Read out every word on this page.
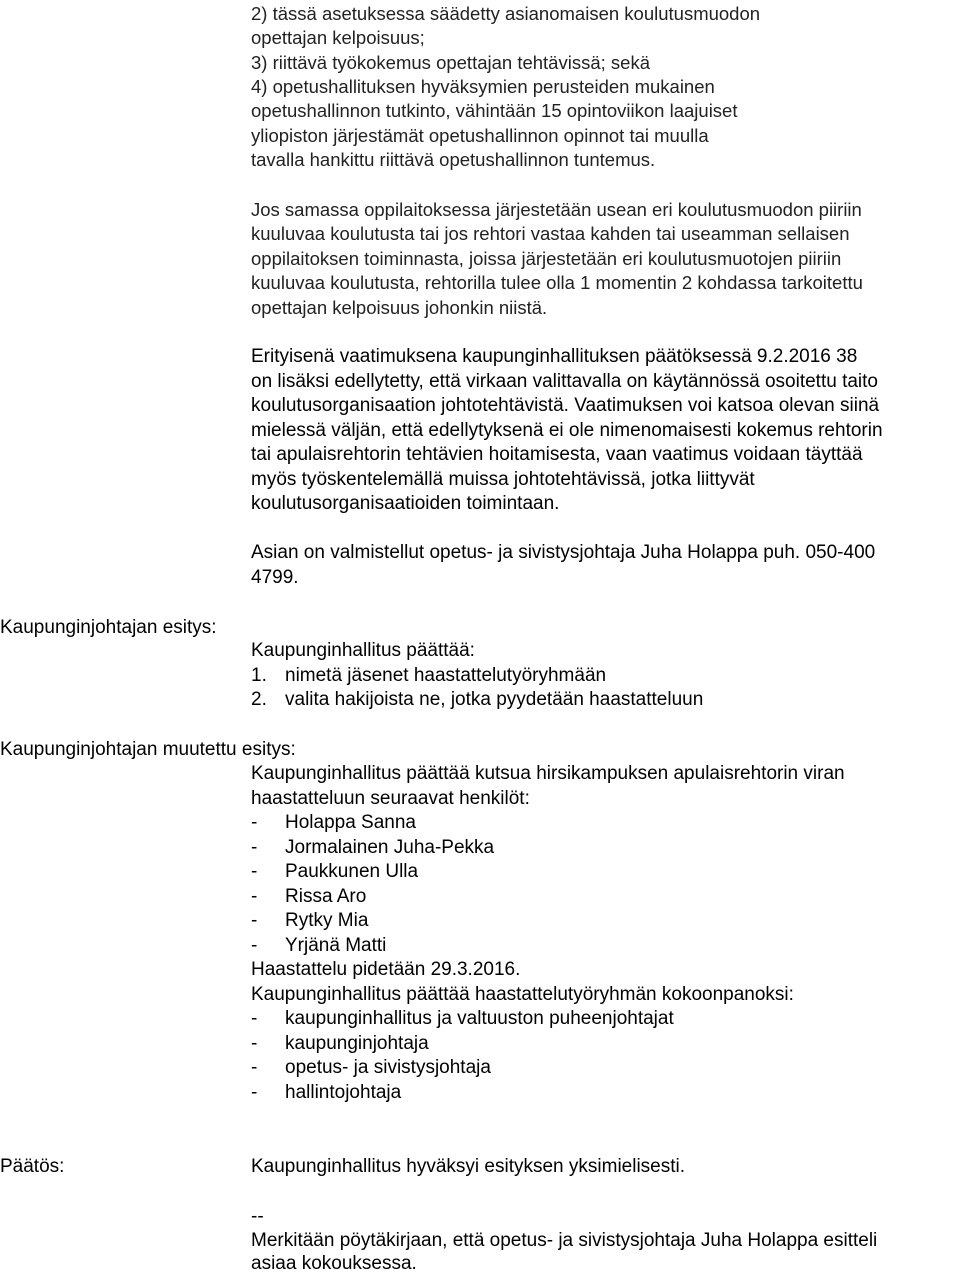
2) tässä asetuksessa säädetty asianomaisen koulutusmuodon

opettajan kelpoisuus;

3) riittävä työkokemus opettajan tehtävissä; sekä

4) opetushallituksen hyväksymien perusteiden mukainen

opetushallinnon tutkinto, vähintään 15 opintoviikon laajuiset

yliopiston järjestämät opetushallinnon opinnot tai muulla

tavalla hankittu riittävä opetushallinnon tuntemus.

Jos samassa oppilaitoksessa järjestetään usean eri koulutusmuodon piiriin

kuuluvaa koulutusta tai jos rehtori vastaa kahden tai useamman sellaisen

oppilaitoksen toiminnasta, joissa järjestetään eri koulutusmuotojen piiriin

kuuluvaa koulutusta, rehtorilla tulee olla 1 momentin 2 kohdassa tarkoitettu

opettajan kelpoisuus johonkin niistä.

Erityisenä vaatimuksena kaupunginhallituksen päätöksessä 9.2.2016 38

on lisäksi edellytetty, että virkaan valittavalla on käytännössä osoitettu taito

koulutusorganisaation johtotehtävistä. Vaatimuksen voi katsoa olevan siinä

mielessä väljän, että edellytyksenä ei ole nimenomaisesti kokemus rehtorin

tai apulaisrehtorin tehtävien hoitamisesta, vaan vaatimus voidaan täyttää

myös työskentelemällä muissa johtotehtävissä, jotka liittyvät

koulutusorganisaatioiden toimintaan.

Asian on valmistellut opetus- ja sivistysjohtaja Juha Holappa puh. 050-400

4799.

Kaupunginjohtajan esitys:

Kaupunginhallitus päättää:

1. nimetä jäsenet haastattelutyöryhmään

2. valita hakijoista ne, jotka pyydetään haastatteluun

Kaupunginjohtajan muutettu esitys:

Kaupunginhallitus päättää kutsua hirsikampuksen apulaisrehtorin viran

haastatteluun seuraavat henkilöt:

- Holappa Sanna

- Jormalainen Juha-Pekka

- Paukkunen Ulla

- Rissa Aro

- Rytky Mia

- Yrjänä Matti

Haastattelu pidetään 29.3.2016.

Kaupunginhallitus päättää haastattelutyöryhmän kokoonpanoksi:

- kaupunginhallitus ja valtuuston puheenjohtajat

- kaupunginjohtaja

- opetus- ja sivistysjohtaja

- hallintojohtaja

Päätös:	Kaupunginhallitus hyväksyi esityksen yksimielisesti.

--

Merkitään pöytäkirjaan, että opetus- ja sivistysjohtaja Juha Holappa esitteli

asiaa kokouksessa.
